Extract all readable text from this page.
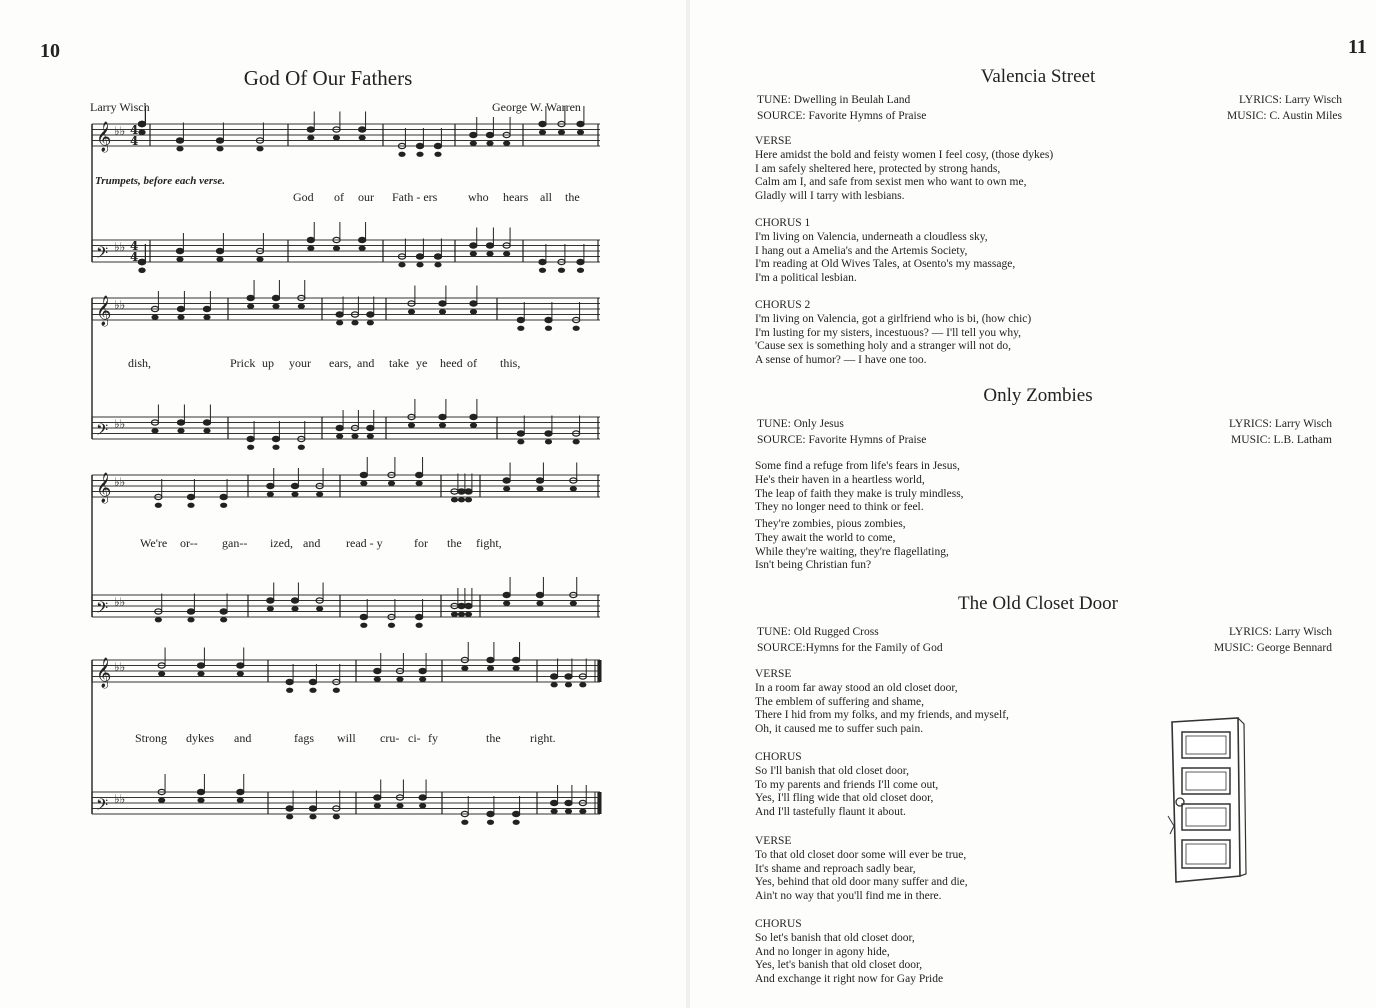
10
God Of Our Fathers
Larry Wisch	George W. Warren
Trumpets, before each verse.
𝄞 ♭♭
4
4
𝄢 ♭♭
4
4
𝄞 ♭♭
𝄢 ♭♭
𝄞 ♭♭
𝄢 ♭♭
𝄞 ♭♭
𝄢 ♭♭
God of our Fath - ers	who hears all the
dish,	Prick up your ears, and take ye heed of this,
We're or-- gan-- ized, and read - y	for the fight,
Strong dykes and	fags will cru- ci- fy	the right.
11
Valencia Street
TUNE: Dwelling in Beulah Land
SOURCE: Favorite Hymns of Praise
LYRICS: Larry Wisch
MUSIC: C. Austin Miles
VERSE
Here amidst the bold and feisty women I feel cosy, (those dykes)
I am safely sheltered here, protected by strong hands,
Calm am I, and safe from sexist men who want to own me,
Gladly will I tarry with lesbians.
CHORUS 1
I'm living on Valencia, underneath a cloudless sky,
I hang out a Amelia's and the Artemis Society,
I'm reading at Old Wives Tales, at Osento's my massage,
I'm a political lesbian.
CHORUS 2
I'm living on Valencia, got a girlfriend who is bi, (how chic)
I'm lusting for my sisters, incestuous? — I'll tell you why,
'Cause sex is something holy and a stranger will not do,
A sense of humor? — I have one too.
Only Zombies
TUNE: Only Jesus
SOURCE: Favorite Hymns of Praise
LYRICS: Larry Wisch
MUSIC: L.B. Latham
Some find a refuge from life's fears in Jesus,
He's their haven in a heartless world,
The leap of faith they make is truly mindless,
They no longer need to think or feel.
They're zombies, pious zombies,
They await the world to come,
While they're waiting, they're flagellating,
Isn't being Christian fun?
The Old Closet Door
TUNE: Old Rugged Cross
SOURCE:Hymns for the Family of God
LYRICS: Larry Wisch
MUSIC: George Bennard
VERSE
In a room far away stood an old closet door,
The emblem of suffering and shame,
There I hid from my folks, and my friends, and myself,
Oh, it caused me to suffer such pain.
CHORUS
So I'll banish that old closet door,
To my parents and friends I'll come out,
Yes, I'll fling wide that old closet door,
And I'll tastefully flaunt it about.
VERSE
To that old closet door some will ever be true,
It's shame and reproach sadly bear,
Yes, behind that old door many suffer and die,
Ain't no way that you'll find me in there.
CHORUS
So let's banish that old closet door,
And no longer in agony hide,
Yes, let's banish that old closet door,
And exchange it right now for Gay Pride
